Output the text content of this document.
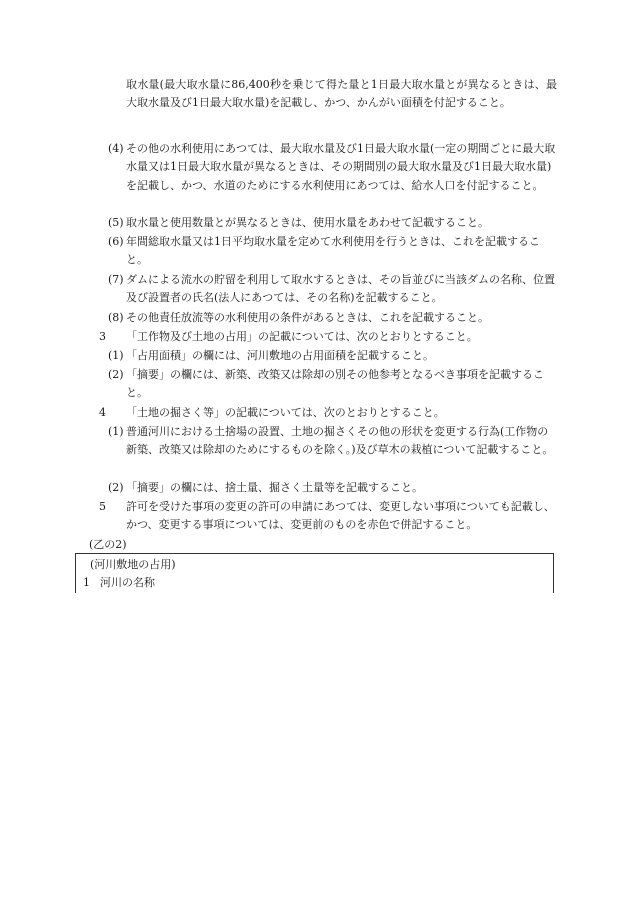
取水量(最大取水量に86,400秒を乗じて得た量と1日最大取水量とが異なるときは、最大取水量及び1日最大取水量)を記載し、かつ、かんがい面積を付記すること。

(4) その他の水利使用にあつては、最大取水量及び1日最大取水量(一定の期間ごとに最大取水量又は1日最大取水量が異なるときは、その期間別の最大取水量及び1日最大取水量)を記載し、かつ、水道のためにする水利使用にあつては、給水人口を付記すること。
(5) 取水量と使用数量とが異なるときは、使用水量をあわせて記載すること。
(6) 年間総取水量又は1日平均取水量を定めて水利使用を行うときは、これを記載すること。
(7) ダムによる流水の貯留を利用して取水するときは、その旨並びに当該ダムの名称、位置及び設置者の氏名(法人にあつては、その名称)を記載すること。
(8) その他責任放流等の水利使用の条件があるときは、これを記載すること。
3	「工作物及び土地の占用」の記載については、次のとおりとすること。
(1) 「占用面積」の欄には、河川敷地の占用面積を記載すること。
(2) 「摘要」の欄には、新築、改築又は除却の別その他参考となるべき事項を記載すること。
4	「土地の掘さく等」の記載については、次のとおりとすること。
(1) 普通河川における土捨場の設置、土地の掘さくその他の形状を変更する行為(工作物の新築、改築又は除却のためにするものを除く。)及び草木の栽植について記載すること。
(2) 「摘要」の欄には、捨土量、掘さく土量等を記載すること。
5	許可を受けた事項の変更の許可の申請にあつては、変更しない事項についても記載し、かつ、変更する事項については、変更前のものを赤色で併記すること。
(乙の2)
(河川敷地の占用)
1 河川の名称
